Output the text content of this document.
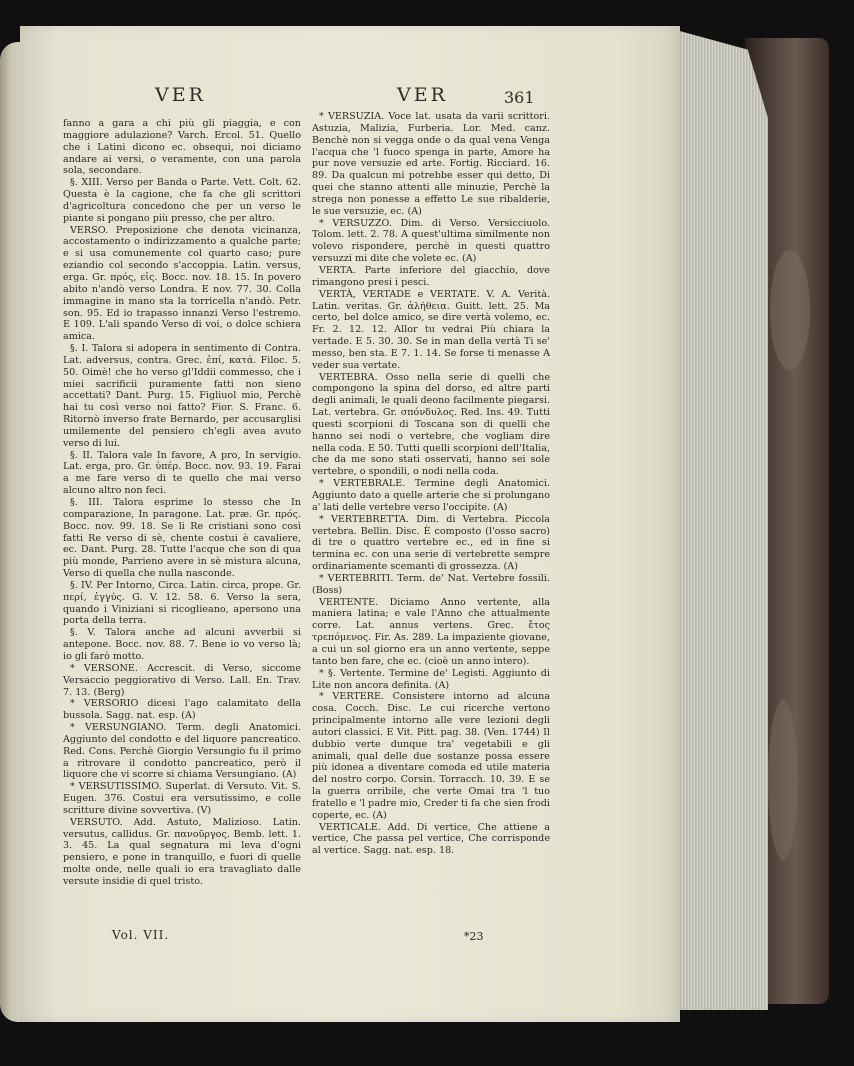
VER	VER	361

fanno a gara a chi più gli piaggia, e con maggiore adulazione? Varch. Ercol. 51. Quello che i Latini dicono ec. obsequi, noi diciamo andare ai versi, o veramente, con una parola sola, secondare.

§. XIII. Verso per Banda o Parte. Vett. Colt. 62. Questa è la cagione, che fa che gli scrittori d'agricoltura concedono che per un verso le piante si pongano più presso, che per altro.

VERSO. Preposizione che denota vicinanza, accostamento o indirizzamento a qualche parte; e si usa comunemente col quarto caso; pure eziandio col secondo s'accoppia. Latin. versus, erga. Gr. πρός, εἰς. Bocc. nov. 18. 15. In povero abito n'andò verso Londra. E nov. 77. 30. Colla immagine in mano sta la torricella n'andò. Petr. son. 95. Ed io trapasso innanzi Verso l'estremo. E 109. L'ali spando Verso di voi, o dolce schiera amica.

§. I. Talora si adopera in sentimento di Contra. Lat. adversus, contra. Grec. ἐπί, κατά. Filoc. 5. 50. Oimè! che ho verso gl'Iddii commesso, che i miei sacrificii puramente fatti non sieno accettati? Dant. Purg. 15. Figliuol mio, Perchè hai tu così verso noi fatto? Fior. S. Franc. 6. Ritornò inverso frate Bernardo, per accusarglisi umilemente del pensiero ch'egli avea avuto verso di lui.

§. II. Talora vale In favore, A pro, In servigio. Lat. erga, pro. Gr. ὑπέρ. Bocc. nov. 93. 19. Farai a me fare verso di te quello che mai verso alcuno altro non feci.

§. III. Talora esprime lo stesso che In comparazione, In paragone. Lat. præ. Gr. πρός. Bocc. nov. 99. 18. Se li Re cristiani sono così fatti Re verso di sè, chente costui è cavaliere, ec. Dant. Purg. 28. Tutte l'acque che son di qua più monde, Parrieno avere in sè mistura alcuna, Verso di quella che nulla nasconde.

§. IV. Per Intorno, Circa. Latin. circa, prope. Gr. περί, ἐγγύς. G. V. 12. 58. 6. Verso la sera, quando i Viniziani si ricoglieano, apersono una porta della terra.

§. V. Talora anche ad alcuni avverbii si antepone. Bocc. nov. 88. 7. Bene io vo verso là; io gli farò motto.

* VERSONE. Accrescit. di Verso, siccome Versaccio peggiorativo di Verso. Lall. En. Trav. 7. 13. (Berg)

* VERSORIO dicesi l'ago calamitato della bussola. Sagg. nat. esp. (A)

* VERSUNGIANO. Term. degli Anatomici. Aggiunto del condotto e del liquore pancreatico. Red. Cons. Perchè Giorgio Versungio fu il primo a ritrovare il condotto pancreatico, però il liquore che vi scorre si chiama Versungiano. (A)

* VERSUTISSIMO. Superlat. di Versuto. Vit. S. Eugen. 376. Costui era versutissimo, e colle scritture divine sovvertiva. (V)

VERSUTO. Add. Astuto, Malizioso. Latin. versutus, callidus. Gr. πανοῦργος. Bemb. lett. 1. 3. 45. La qual segnatura mi leva d'ogni pensiero, e pone in tranquillo, e fuori di quelle molte onde, nelle quali io era travagliato dalle versute insidie di quel tristo.

* VERSUZIA. Voce lat. usata da varii scrittori. Astuzia, Malizia, Furberia. Lor. Med. canz. Benchè non si vegga onde o da qual vena Venga l'acqua che 'l fuoco spenga in parte, Amore ha pur nove versuzie ed arte. Fortig. Ricciard. 16. 89. Da qualcun mi potrebbe esser qui detto, Di quei che stanno attenti alle minuzie, Perchè la strega non ponesse a effetto Le sue ribalderie, le sue versuzie, ec. (A)

* VERSUZZO. Dim. di Verso. Versicciuolo. Tolom. lett. 2. 78. A quest'ultima similmente non volevo rispondere, perchè in questi quattro versuzzi mi dite che volete ec. (A)

VERTA. Parte inferiore del giacchio, dove rimangono presi i pesci.

VERTÀ, VERTADE e VERTATE. V. A. Verità. Latin. veritas. Gr. ἀλήθεια. Guitt. lett. 25. Ma certo, bel dolce amico, se dire vertà volemo, ec. Fr. 2. 12. 12. Allor tu vedrai Più chiara la vertade. E 5. 30. 30. Se in man della vertà Ti se' messo, ben sta. E 7. 1. 14. Se forse ti menasse A veder sua vertate.

VERTEBRA. Osso nella serie di quelli che compongono la spina del dorso, ed altre parti degli animali, le quali deono facilmente piegarsi. Lat. vertebra. Gr. σπόνδυλος. Red. Ins. 49. Tutti questi scorpioni di Toscana son di quelli che hanno sei nodi o vertebre, che vogliam dire nella coda. E 50. Tutti quelli scorpioni dell'Italia, che da me sono stati osservati, hanno sei sole vertebre, o spondili, o nodi nella coda.

* VERTEBRALE. Termine degli Anatomici. Aggiunto dato a quelle arterie che si prolungano a' lati delle vertebre verso l'occipite. (A)

* VERTEBRETTA. Dim. di Vertebra. Piccola vertebra. Bellin. Disc. È composto (l'osso sacro) di tre o quattro vertebre ec., ed in fine si termina ec. con una serie di vertebrette sempre ordinariamente scemanti di grossezza. (A)

* VERTEBRITI. Term. de' Nat. Vertebre fossili. (Boss)

VERTENTE. Diciamo Anno vertente, alla maniera latina; e vale l'Anno che attualmente corre. Lat. annus vertens. Grec. ἔτος τρεπόμενος. Fir. As. 289. La impaziente giovane, a cui un sol giorno era un anno vertente, seppe tanto ben fare, che ec. (cioè un anno intero).

* §. Vertente. Termine de' Legisti. Aggiunto di Lite non ancora definita. (A)

* VERTERE. Consistere intorno ad alcuna cosa. Cocch. Disc. Le cui ricerche vertono principalmente intorno alle vere lezioni degli autori classici. E Vit. Pitt. pag. 38. (Ven. 1744) Il dubbio verte dunque tra' vegetabili e gli animali, qual delle due sostanze possa essere più idonea a diventare comoda ed utile materia del nostro corpo. Corsin. Torracch. 10. 39. E se la guerra orribile, che verte Omai tra 'l tuo fratello e 'l padre mio, Creder ti fa che sien frodi coperte, ec. (A)

VERTICALE. Add. Di vertice, Che attiene a vertice, Che passa pel vertice, Che corrisponde al vertice. Sagg. nat. esp. 18.

Vol. VII.	*23
